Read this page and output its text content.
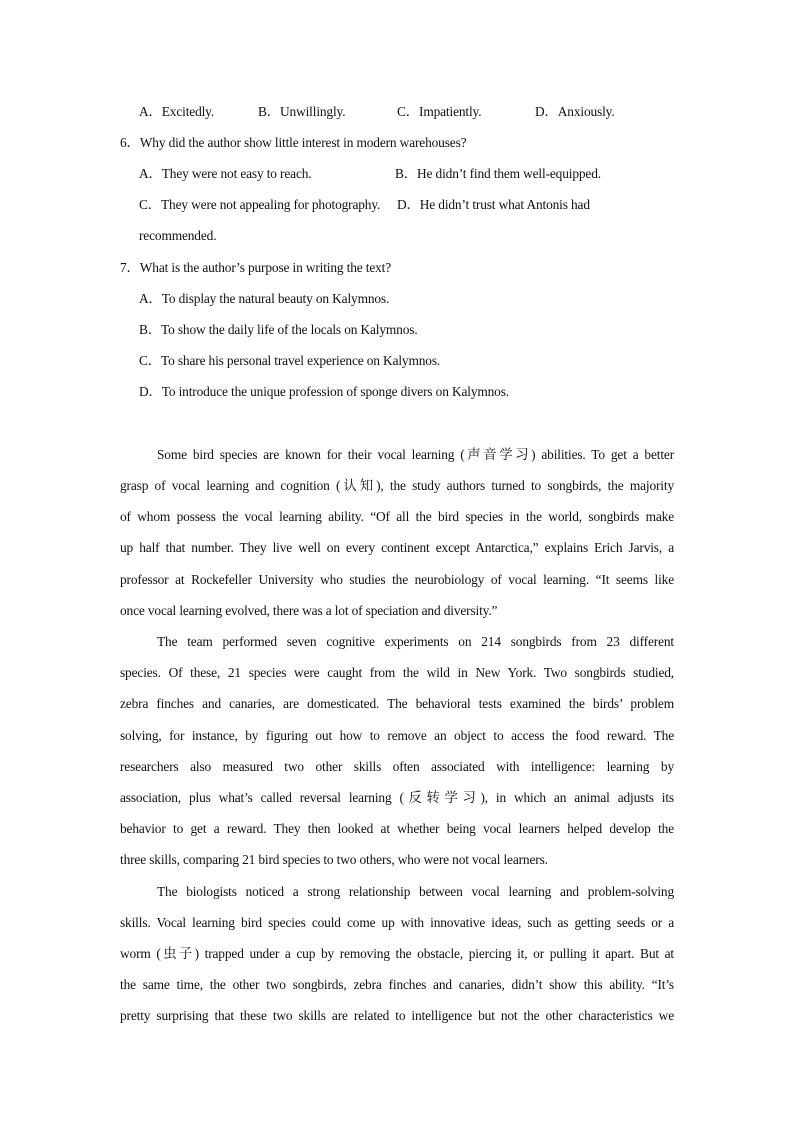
A．Excitedly.	B．Unwillingly.	C．Impatiently.	D．Anxiously.
6．Why did the author show little interest in modern warehouses?
A．They were not easy to reach.	B．He didn’t find them well-equipped.
C．They were not appealing for photography. D．He didn’t trust what Antonis had
recommended.
7．What is the author’s purpose in writing the text?
A．To display the natural beauty on Kalymnos.
B．To show the daily life of the locals on Kalymnos.
C．To share his personal travel experience on Kalymnos.
D．To introduce the unique profession of sponge divers on Kalymnos.
Some bird species are known for their vocal learning (声音学习) abilities. To get a better
grasp of vocal learning and cognition (认知), the study authors turned to songbirds, the majority
of whom possess the vocal learning ability. “Of all the bird species in the world, songbirds make
up half that number. They live well on every continent except Antarctica,” explains Erich Jarvis, a
professor at Rockefeller University who studies the neurobiology of vocal learning. “It seems like
once vocal learning evolved, there was a lot of speciation and diversity.”
The team performed seven cognitive experiments on 214 songbirds from 23 different
species. Of these, 21 species were caught from the wild in New York. Two songbirds studied,
zebra finches and canaries, are domesticated. The behavioral tests examined the birds’ problem
solving, for instance, by figuring out how to remove an object to access the food reward. The
researchers also measured two other skills often associated with intelligence: learning by
association, plus what’s called reversal learning (反转学习), in which an animal adjusts its
behavior to get a reward. They then looked at whether being vocal learners helped develop the
three skills, comparing 21 bird species to two others, who were not vocal learners.
The biologists noticed a strong relationship between vocal learning and problem-solving
skills. Vocal learning bird species could come up with innovative ideas, such as getting seeds or a
worm (虫子) trapped under a cup by removing the obstacle, piercing it, or pulling it apart. But at
the same time, the other two songbirds, zebra finches and canaries, didn’t show this ability. “It’s
pretty surprising that these two skills are related to intelligence but not the other characteristics we
